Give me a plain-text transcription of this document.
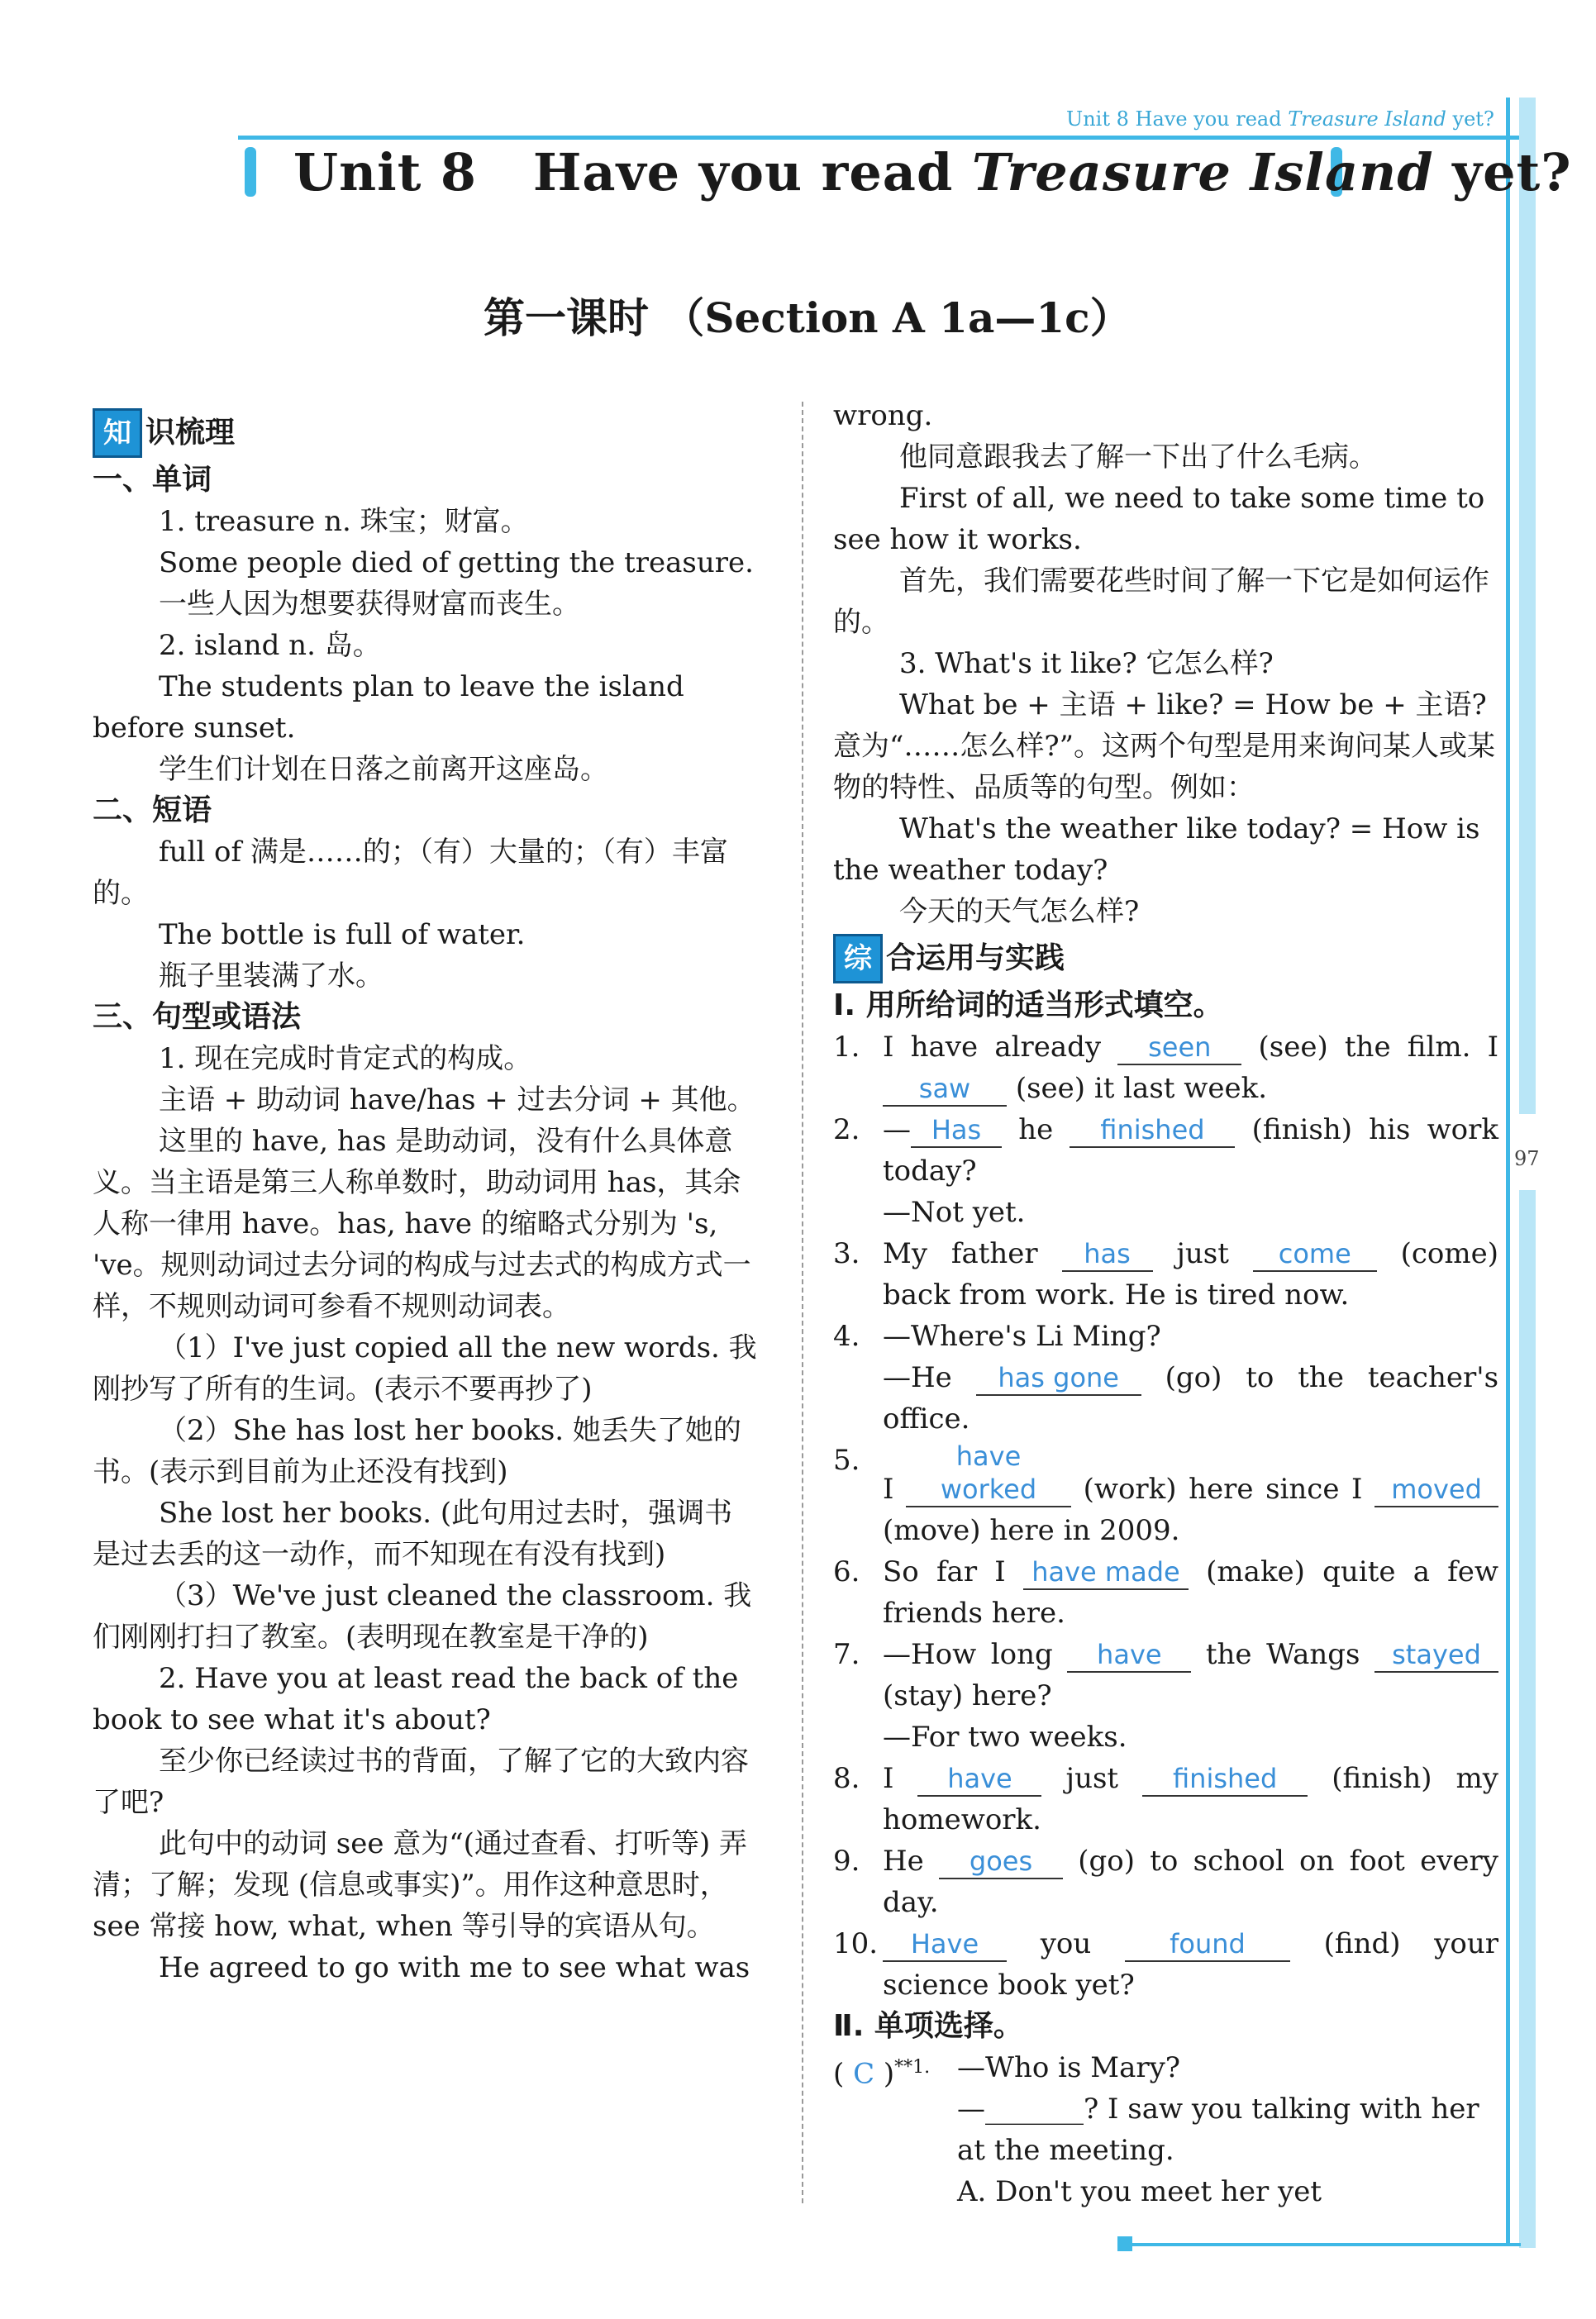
Unit 8 Have you read Treasure Island yet?
Unit 8 Have you read Treasure Island yet?
第一课时 （Section A 1a—1c）
97
知 识梳理

一、单词

1. treasure n. 珠宝；财富。

Some people died of getting the treasure.

一些人因为想要获得财富而丧生。

2. island n. 岛。

The students plan to leave the island before sunset.

学生们计划在日落之前离开这座岛。

二、短语

full of 满是……的；（有）大量的；（有）丰富的。

The bottle is full of water.

瓶子里装满了水。

三、句型或语法

1. 现在完成时肯定式的构成。

主语 + 助动词 have/has + 过去分词 + 其他。

这里的 have, has 是助动词，没有什么具体意义。当主语是第三人称单数时，助动词用 has，其余人称一律用 have。has, have 的缩略式分别为 's, 've。规则动词过去分词的构成与过去式的构成方式一样，不规则动词可参看不规则动词表。

（1）I've just copied all the new words. 我刚抄写了所有的生词。(表示不要再抄了)

（2）She has lost her books. 她丢失了她的书。(表示到目前为止还没有找到)

She lost her books. (此句用过去时，强调书是过去丢的这一动作，而不知现在有没有找到)

（3）We've just cleaned the classroom. 我们刚刚打扫了教室。(表明现在教室是干净的)

2. Have you at least read the back of the book to see what it's about?

至少你已经读过书的背面，了解了它的大致内容了吧?

此句中的动词 see 意为“(通过查看、打听等) 弄清；了解；发现 (信息或事实)”。用作这种意思时，see 常接 how, what, when 等引导的宾语从句。

He agreed to go with me to see what was

wrong.

他同意跟我去了解一下出了什么毛病。

First of all, we need to take some time to see how it works.

首先，我们需要花些时间了解一下它是如何运作的。

3. What's it like? 它怎么样?

What be + 主语 + like? = How be + 主语? 意为“……怎么样?”。这两个句型是用来询问某人或某物的特性、品质等的句型。例如：

What's the weather like today? = How is the weather today?

今天的天气怎么样?

综 合运用与实践

Ⅰ. 用所给词的适当形式填空。

1. I have already seen (see) the film. I saw (see) it last week.
2. — Has he finished (finish) his work today?
—Not yet.
3. My father has just come (come) back from work. He is tired now.
4. —Where's Li Ming?
—He has gone (go) to the teacher's office.
5.
I have worked (work) here since I moved (move) here in 2009.
6. So far I have made (make) quite a few friends here.
7. —How long have the Wangs stayed (stay) here?
—For two weeks.
8. I have just finished (finish) my homework.
9. He goes (go) to school on foot every day.
10.	Have you	found	(find) your science book yet?

Ⅱ. 单项选择。

( C )$^{**1.}$ —Who is Mary?
—_______? I saw you talking with her at the meeting.
A. Don't you meet her yet
